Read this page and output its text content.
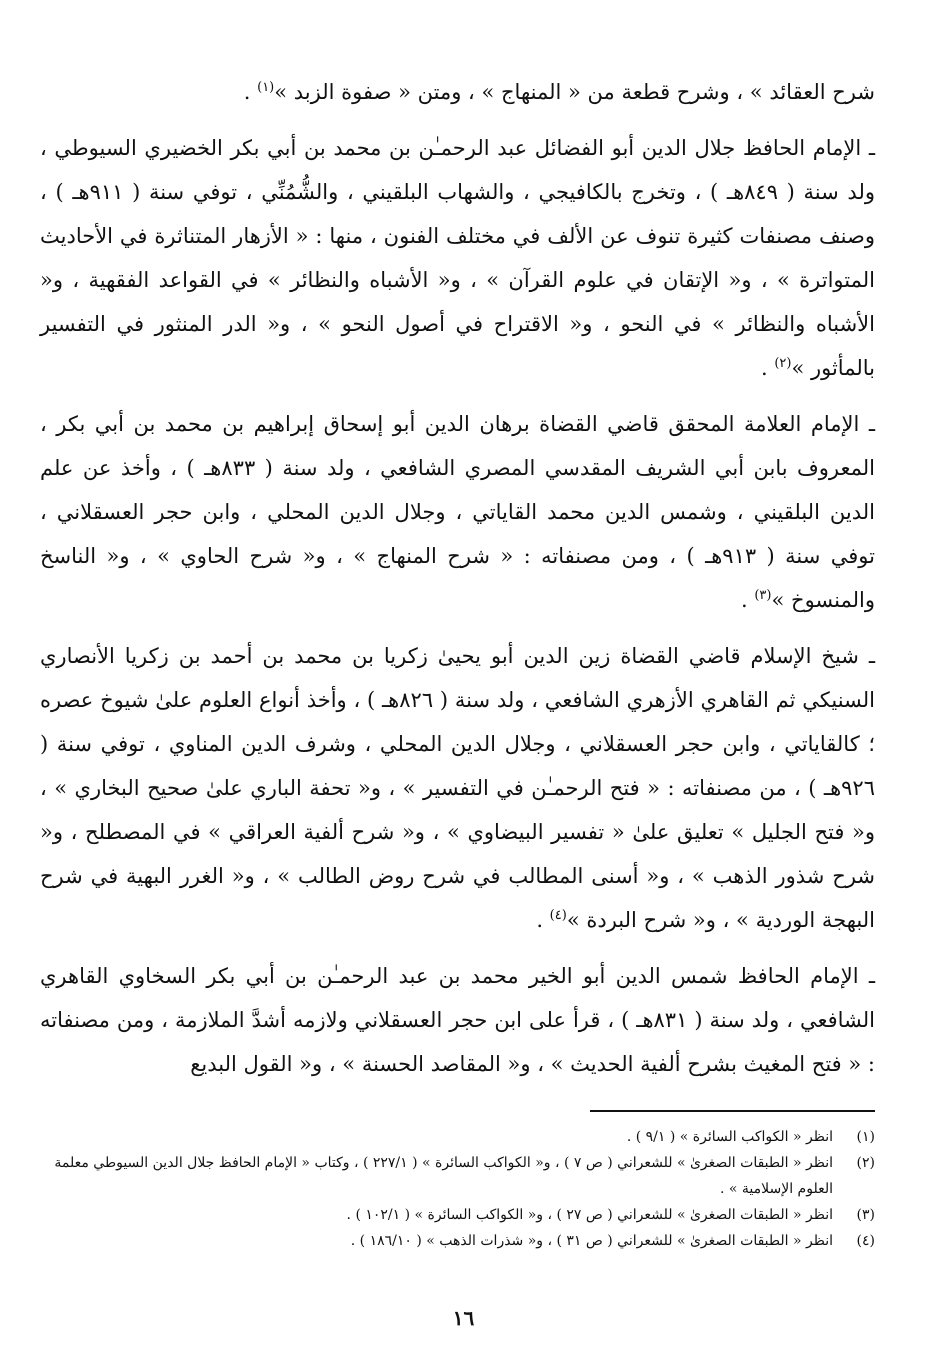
شرح العقائد » ، وشرح قطعة من « المنهاج » ، ومتن « صفوة الزبد »$^{(١)}$ .

ـ الإمام الحافظ جلال الدين أبو الفضائل عبد الرحمـٰن بن محمد بن أبي بكر الخضيري السيوطي ، ولد سنة ( ٨٤٩هـ ) ، وتخرج بالكافيجي ، والشهاب البلقيني ، والشُّمُنِّي ، توفي سنة ( ٩١١هـ ) ، وصنف مصنفات كثيرة تنوف عن الألف في مختلف الفنون ، منها : « الأزهار المتناثرة في الأحاديث المتواترة » ، و« الإتقان في علوم القرآن » ، و« الأشباه والنظائر » في القواعد الفقهية ، و« الأشباه والنظائر » في النحو ، و« الاقتراح في أصول النحو » ، و« الدر المنثور في التفسير بالمأثور »$^{(٢)}$ .

ـ الإمام العلامة المحقق قاضي القضاة برهان الدين أبو إسحاق إبراهيم بن محمد بن أبي بكر ، المعروف بابن أبي الشريف المقدسي المصري الشافعي ، ولد سنة ( ٨٣٣هـ ) ، وأخذ عن علم الدين البلقيني ، وشمس الدين محمد القاياتي ، وجلال الدين المحلي ، وابن حجر العسقلاني ، توفي سنة ( ٩١٣هـ ) ، ومن مصنفاته : « شرح المنهاج » ، و« شرح الحاوي » ، و« الناسخ والمنسوخ »$^{(٣)}$ .

ـ شيخ الإسلام قاضي القضاة زين الدين أبو يحيىٰ زكريا بن محمد بن أحمد بن زكريا الأنصاري السنيكي ثم القاهري الأزهري الشافعي ، ولد سنة ( ٨٢٦هـ ) ، وأخذ أنواع العلوم علىٰ شيوخ عصره ؛ كالقاياتي ، وابن حجر العسقلاني ، وجلال الدين المحلي ، وشرف الدين المناوي ، توفي سنة ( ٩٢٦هـ ) ، من مصنفاته : « فتح الرحمـٰن في التفسير » ، و« تحفة الباري علىٰ صحيح البخاري » ، و« فتح الجليل » تعليق علىٰ « تفسير البيضاوي » ، و« شرح ألفية العراقي » في المصطلح ، و« شرح شذور الذهب » ، و« أسنى المطالب في شرح روض الطالب » ، و« الغرر البهية في شرح البهجة الوردية » ، و« شرح البردة »$^{(٤)}$ .

ـ الإمام الحافظ شمس الدين أبو الخير محمد بن عبد الرحمـٰن بن أبي بكر السخاوي القاهري الشافعي ، ولد سنة ( ٨٣١هـ ) ، قرأ على ابن حجر العسقلاني ولازمه أشدَّ الملازمة ، ومن مصنفاته : « فتح المغيث بشرح ألفية الحديث » ، و« المقاصد الحسنة » ، و« القول البديع

(١)
انظر « الكواكب السائرة » ( ٩/١ ) .
(٢)
انظر « الطبقات الصغرىٰ » للشعراني ( ص ٧ ) ، و« الكواكب السائرة » ( ٢٢٧/١ ) ، وكتاب « الإمام الحافظ جلال الدين السيوطي معلمة العلوم الإسلامية » .
(٣)
انظر « الطبقات الصغرىٰ » للشعراني ( ص ٢٧ ) ، و« الكواكب السائرة » ( ١٠٢/١ ) .
(٤)
انظر « الطبقات الصغرىٰ » للشعراني ( ص ٣١ ) ، و« شذرات الذهب » ( ١٨٦/١٠ ) .
١٦
